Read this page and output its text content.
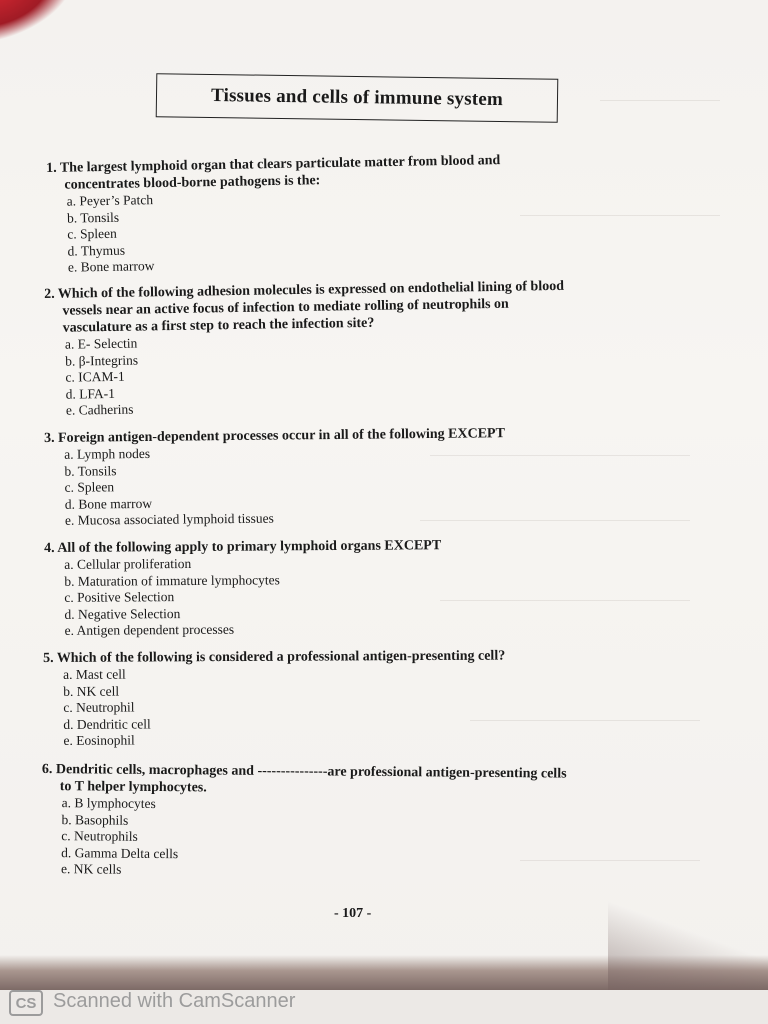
Tissues and cells of immune system
1. The largest lymphoid organ that clears particulate matter from blood and
concentrates blood-borne pathogens is the:
a. Peyer’s Patch
b. Tonsils
c. Spleen
d. Thymus
e. Bone marrow
2. Which of the following adhesion molecules is expressed on endothelial lining of blood
vessels near an active focus of infection to mediate rolling of neutrophils on
vasculature as a first step to reach the infection site?
a. E- Selectin
b. β-Integrins
c. ICAM-1
d. LFA-1
e. Cadherins
3. Foreign antigen-dependent processes occur in all of the following EXCEPT
a. Lymph nodes
b. Tonsils
c. Spleen
d. Bone marrow
e. Mucosa associated lymphoid tissues
4. All of the following apply to primary lymphoid organs EXCEPT
a. Cellular proliferation
b. Maturation of immature lymphocytes
c. Positive Selection
d. Negative Selection
e. Antigen dependent processes
5. Which of the following is considered a professional antigen-presenting cell?
a. Mast cell
b. NK cell
c. Neutrophil
d. Dendritic cell
e. Eosinophil
6. Dendritic cells, macrophages and ---------------are professional antigen-presenting cells
to T helper lymphocytes.
a. B lymphocytes
b. Basophils
c. Neutrophils
d. Gamma Delta cells
e. NK cells
- 107 -
CS Scanned with CamScanner
